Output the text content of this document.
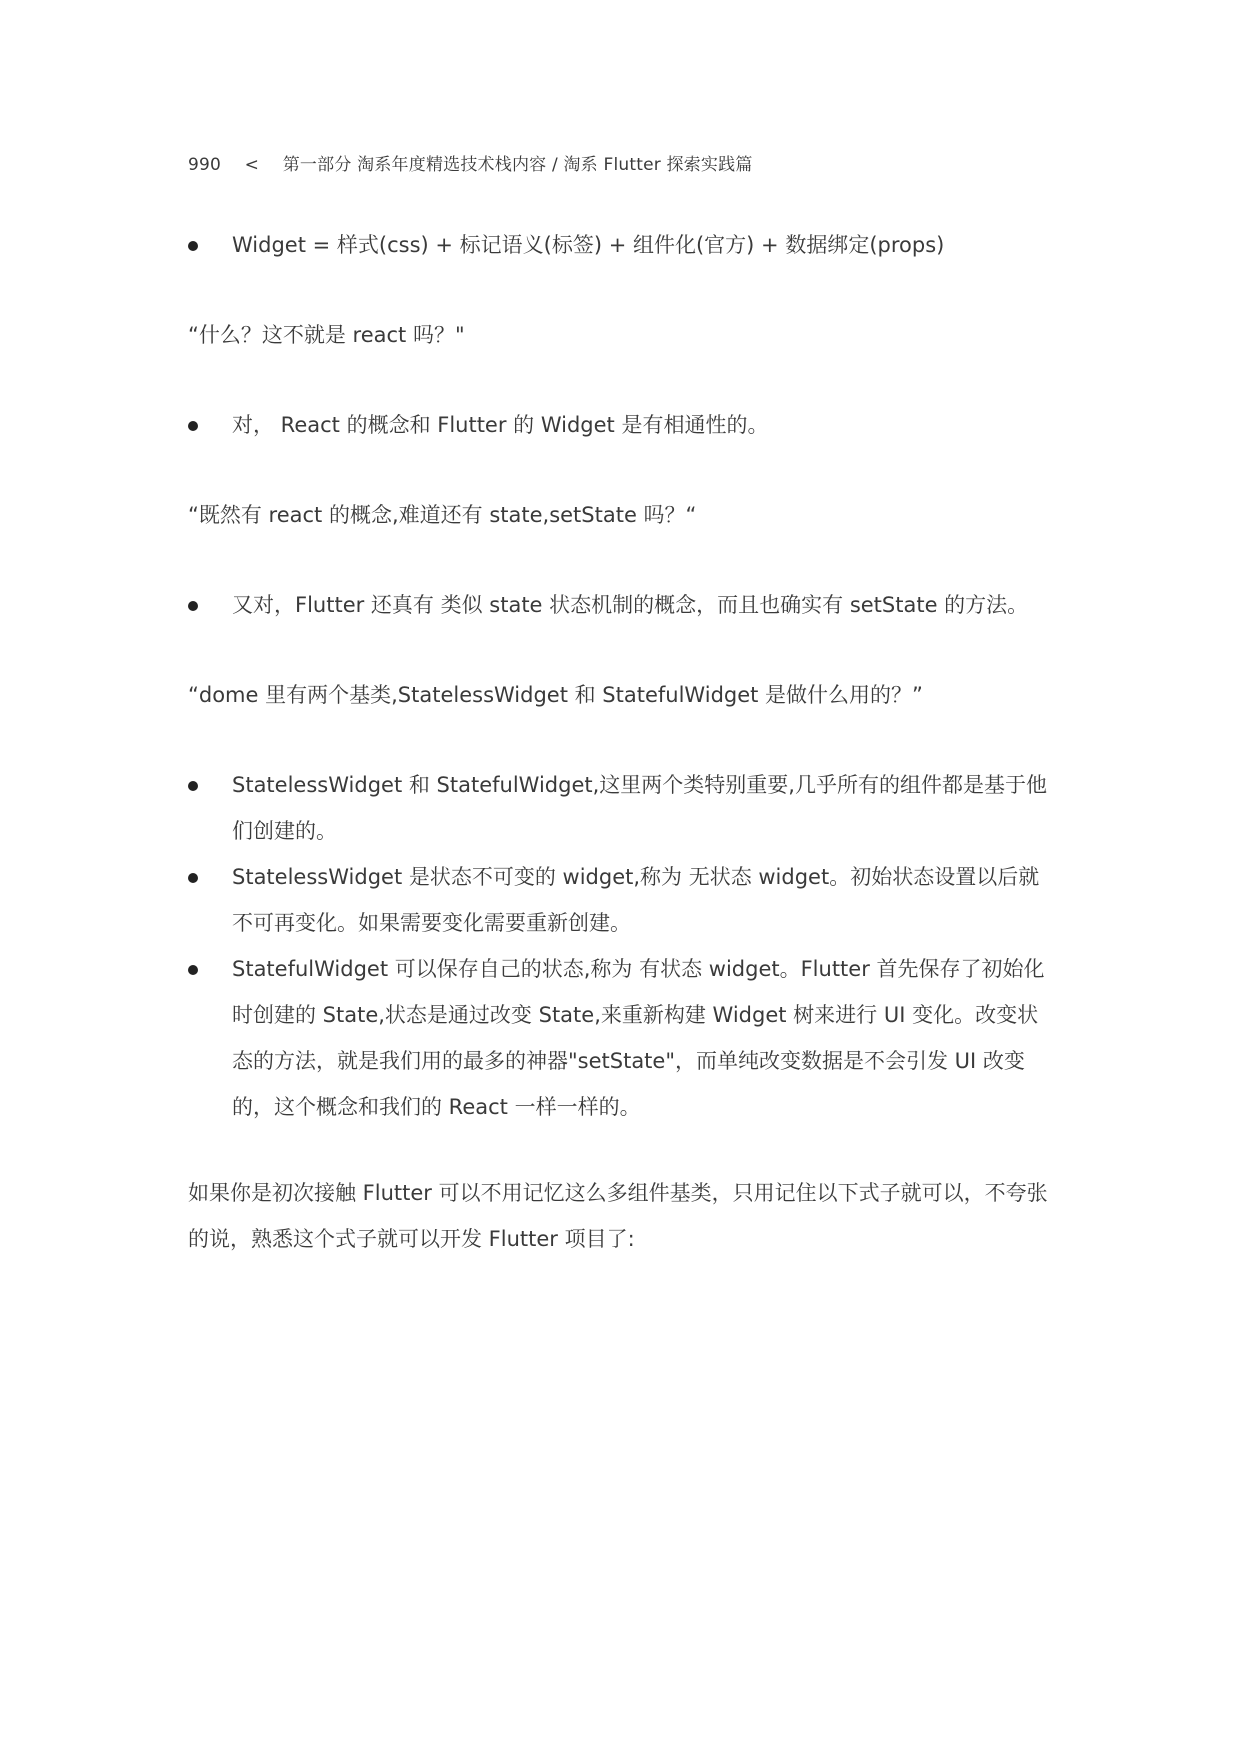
990 < 第一部分 淘系年度精选技术栈内容 / 淘系 Flutter 探索实践篇
Widget = 样式(css) + 标记语义(标签) + 组件化(官方) + 数据绑定(props)

“什么？这不就是 react 吗？"

对， React 的概念和 Flutter 的 Widget 是有相通性的。

“既然有 react 的概念,难道还有 state,setState 吗？“

又对，Flutter 还真有 类似 state 状态机制的概念，而且也确实有 setState 的方法。

“dome 里有两个基类,StatelessWidget 和 StatefulWidget 是做什么用的？”

StatelessWidget 和 StatefulWidget,这里两个类特别重要,几乎所有的组件都是基于他们创建的。
StatelessWidget 是状态不可变的 widget,称为 无状态 widget。初始状态设置以后就不可再变化。如果需要变化需要重新创建。
StatefulWidget 可以保存自己的状态,称为 有状态 widget。Flutter 首先保存了初始化时创建的 State,状态是通过改变 State,来重新构建 Widget 树来进行 UI 变化。改变状态的方法，就是我们用的最多的神器"setState"，而单纯改变数据是不会引发 UI 改变的，这个概念和我们的 React 一样一样的。

如果你是初次接触 Flutter 可以不用记忆这么多组件基类，只用记住以下式子就可以，不夸张的说，熟悉这个式子就可以开发 Flutter 项目了:
